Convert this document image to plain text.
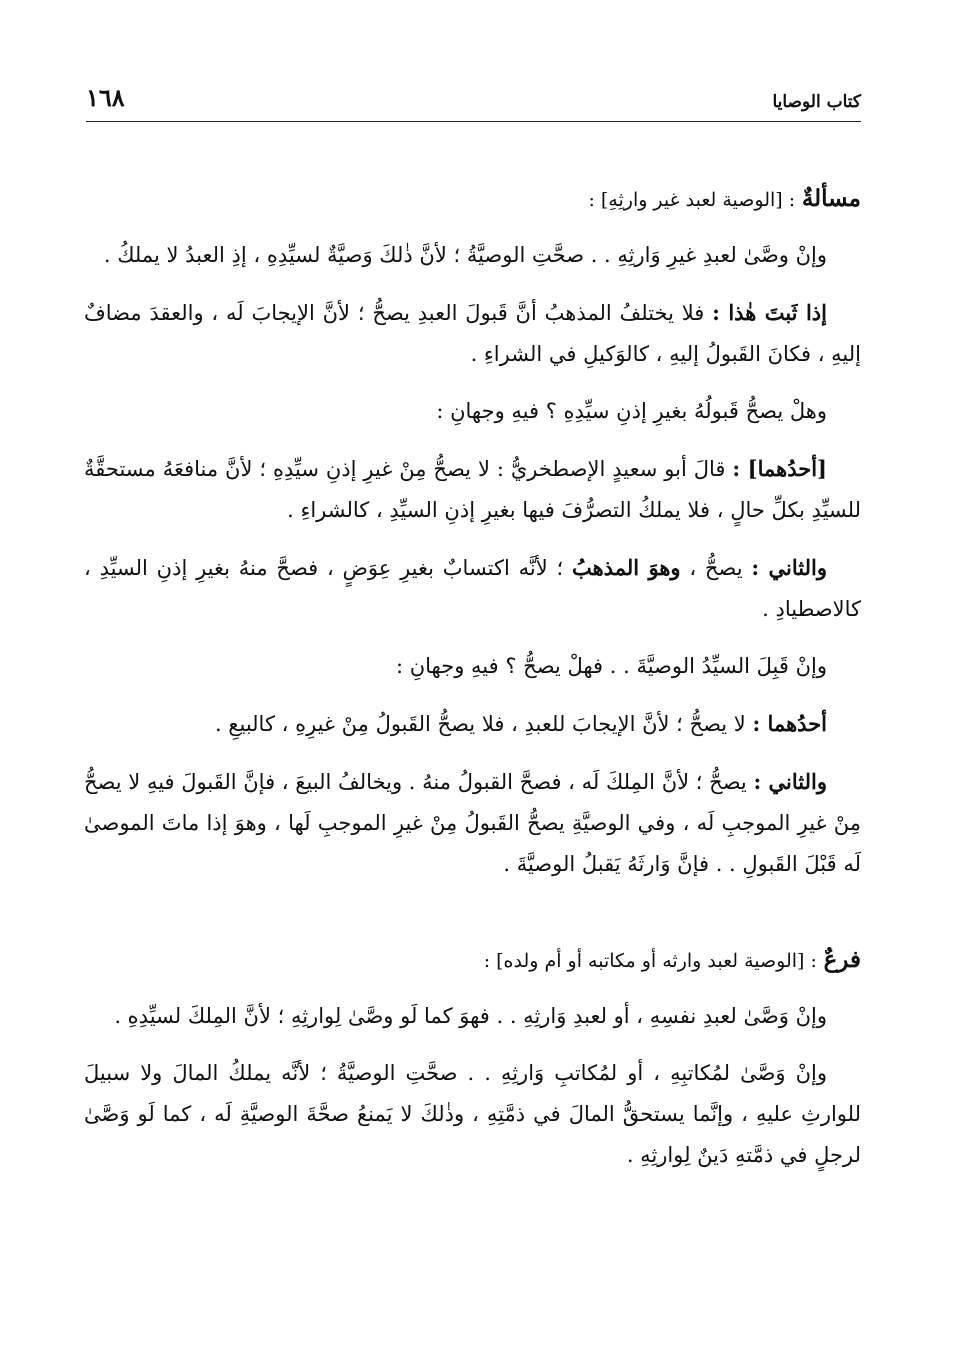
كتاب الوصايا
١٦٨

مسألةٌ : [الوصية لعبد غير وارثِهِ] :

وإنْ وصَّىٰ لعبدِ غيرِ وَارثِهِ . . صحَّتِ الوصيَّةُ ؛ لأنَّ ذٰلكَ وَصيَّةٌ لسيِّدِهِ ، إذِ العبدُ لا يملكُ .

إذا ثَبتَ هٰذا : فلا يختلفُ المذهبُ أنَّ قَبولَ العبدِ يصحُّ ؛ لأنَّ الإيجابَ لَه ، والعقدَ مضافٌ إليهِ ، فكانَ القَبولُ إليهِ ، كالوَكيلِ في الشراءِ .

وهلْ يصحُّ قَبولُهُ بغيرِ إذنِ سيِّدِهِ ؟ فيهِ وجهانِ :

[أحدُهما] : قالَ أبو سعيدٍ الإصطخريُّ : لا يصحُّ مِنْ غيرِ إذنِ سيِّدِهِ ؛ لأنَّ منافعَهُ مستحقَّةٌ للسيِّدِ بكلِّ حالٍ ، فلا يملكُ التصرُّفَ فيها بغيرِ إذنِ السيِّدِ ، كالشراءِ .

والثاني : يصحُّ ، وهوَ المذهبُ ؛ لأنَّه اكتسابٌ بغيرِ عِوَضٍ ، فصحَّ منهُ بغيرِ إذنِ السيِّدِ ، كالاصطيادِ .

وإنْ قَبِلَ السيِّدُ الوصيَّةَ . . فهلْ يصحُّ ؟ فيهِ وجهانِ :

أحدُهما : لا يصحُّ ؛ لأنَّ الإيجابَ للعبدِ ، فلا يصحُّ القَبولُ مِنْ غيرِهِ ، كالبيعِ .

والثاني : يصحُّ ؛ لأنَّ المِلكَ لَه ، فصحَّ القبولُ منهُ . ويخالفُ البيعَ ، فإنَّ القَبولَ فيهِ لا يصحُّ مِنْ غيرِ الموجبِ لَه ، وفي الوصيَّةِ يصحُّ القَبولُ مِنْ غيرِ الموجبِ لَها ، وهوَ إذا ماتَ الموصىٰ لَه قَبْلَ القَبولِ . . فإنَّ وَارثَهُ يَقبلُ الوصيَّةَ .

فرعٌ : [الوصية لعبد وارثه أو مكاتبه أو أم ولده] :

وإنْ وَصَّىٰ لعبدِ نفسِهِ ، أو لعبدِ وَارثِهِ . . فهوَ كما لَو وصَّىٰ لِوارثِهِ ؛ لأنَّ المِلكَ لسيِّدِهِ .

وإنْ وَصَّىٰ لمُكاتبِهِ ، أو لمُكاتبِ وَارثِهِ . . صحَّتِ الوصيَّةُ ؛ لأنَّه يملكُ المالَ ولا سبيلَ للوارثِ عليهِ ، وإنَّما يستحقُّ المالَ في ذمَّتِهِ ، وذٰلكَ لا يَمنعُ صحَّةَ الوصيَّةِ لَه ، كما لَو وَصَّىٰ لرجلٍ في ذمَّتهِ دَينٌ لِوارثِهِ .
